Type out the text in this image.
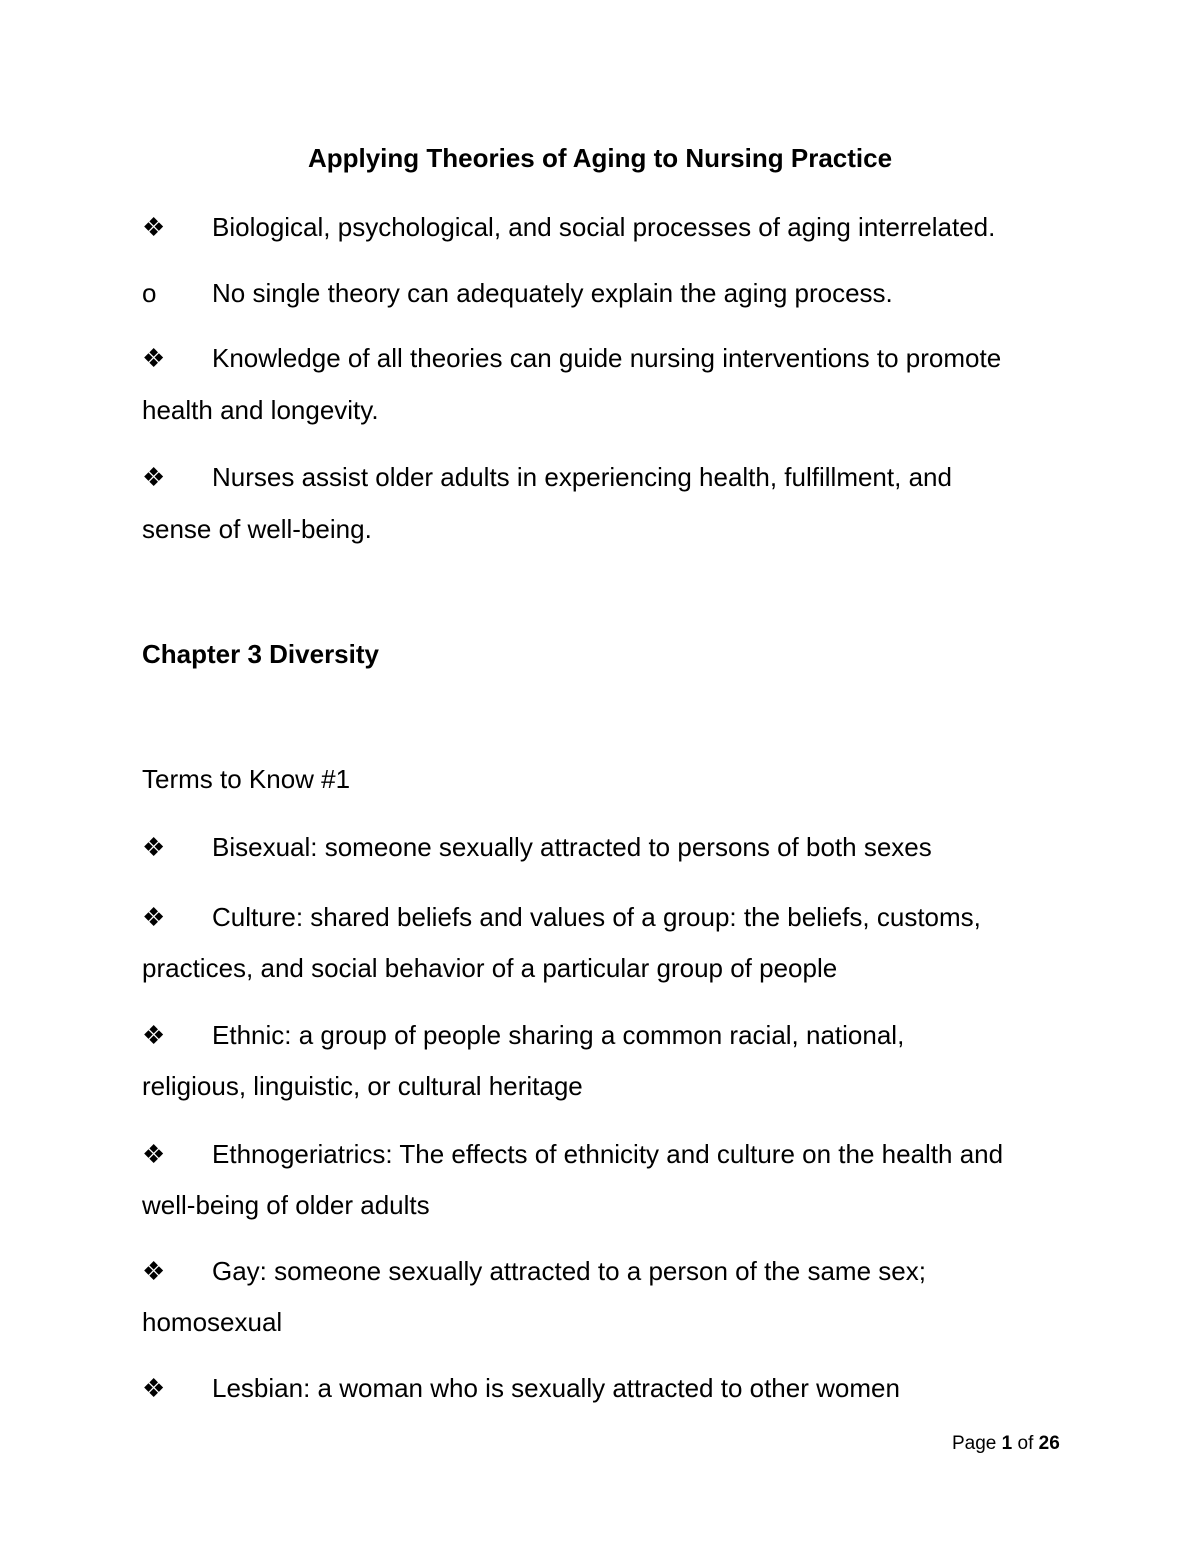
Applying Theories of Aging to Nursing Practice

❖ Biological, psychological, and social processes of aging interrelated.
o No single theory can adequately explain the aging process.
❖ Knowledge of all theories can guide nursing interventions to promote

health and longevity.

❖ Nurses assist older adults in experiencing health, fulfillment, and

sense of well-being.

Chapter 3 Diversity

Terms to Know #1

❖ Bisexual: someone sexually attracted to persons of both sexes
❖ Culture: shared beliefs and values of a group: the beliefs, customs,

practices, and social behavior of a particular group of people

❖ Ethnic: a group of people sharing a common racial, national,

religious, linguistic, or cultural heritage

❖ Ethnogeriatrics: The effects of ethnicity and culture on the health and

well-being of older adults

❖ Gay: someone sexually attracted to a person of the same sex;

homosexual

❖ Lesbian: a woman who is sexually attracted to other women
Page 1 of 26
